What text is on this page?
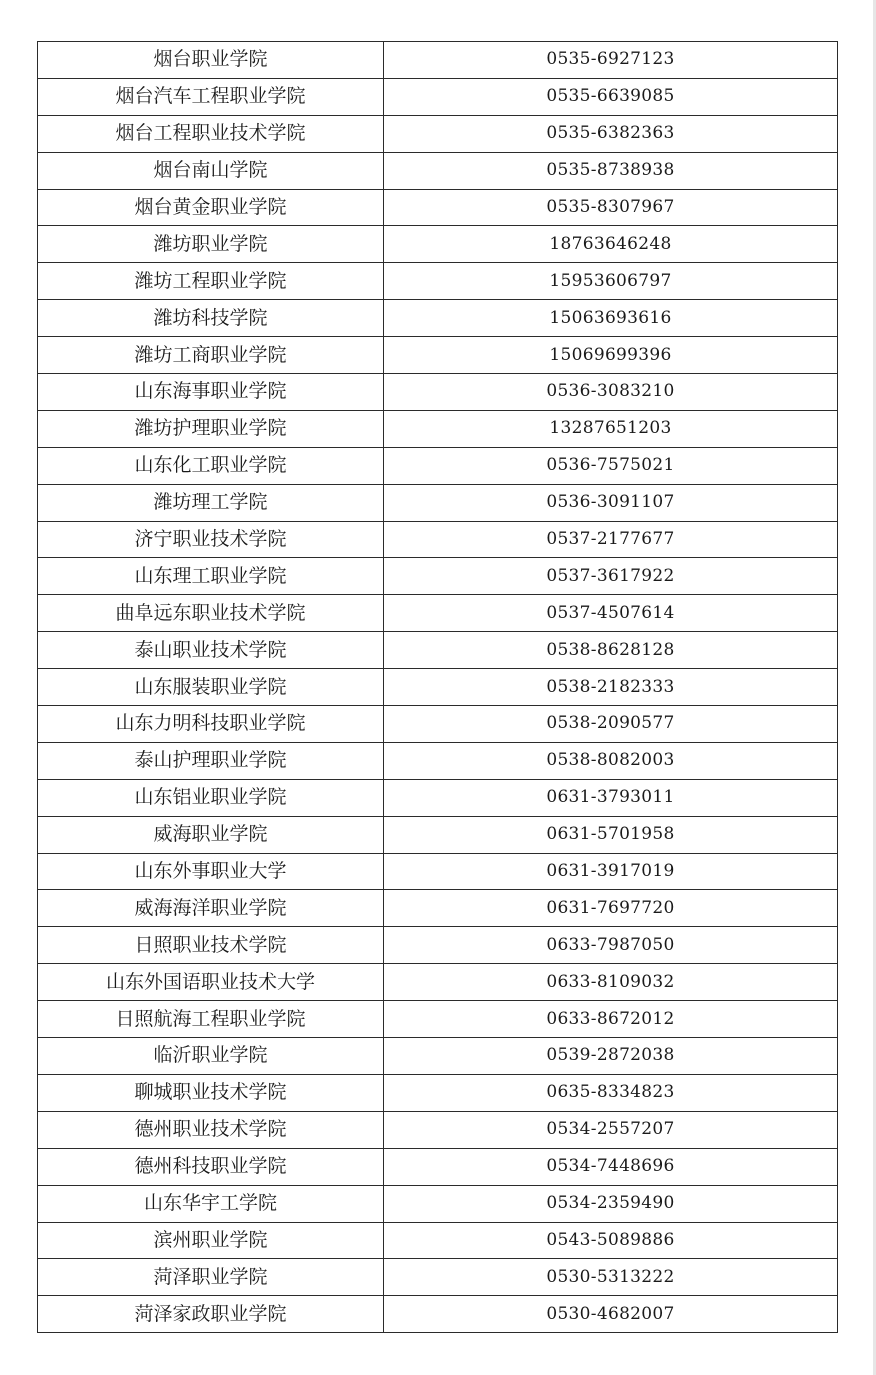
烟台职业学院	0535-6927123
烟台汽车工程职业学院	0535-6639085
烟台工程职业技术学院	0535-6382363
烟台南山学院	0535-8738938
烟台黄金职业学院	0535-8307967
潍坊职业学院	18763646248
潍坊工程职业学院	15953606797
潍坊科技学院	15063693616
潍坊工商职业学院	15069699396
山东海事职业学院	0536-3083210
潍坊护理职业学院	13287651203
山东化工职业学院	0536-7575021
潍坊理工学院	0536-3091107
济宁职业技术学院	0537-2177677
山东理工职业学院	0537-3617922
曲阜远东职业技术学院	0537-4507614
泰山职业技术学院	0538-8628128
山东服装职业学院	0538-2182333
山东力明科技职业学院	0538-2090577
泰山护理职业学院	0538-8082003
山东铝业职业学院	0631-3793011
威海职业学院	0631-5701958
山东外事职业大学	0631-3917019
威海海洋职业学院	0631-7697720
日照职业技术学院	0633-7987050
山东外国语职业技术大学	0633-8109032
日照航海工程职业学院	0633-8672012
临沂职业学院	0539-2872038
聊城职业技术学院	0635-8334823
德州职业技术学院	0534-2557207
德州科技职业学院	0534-7448696
山东华宇工学院	0534-2359490
滨州职业学院	0543-5089886
菏泽职业学院	0530-5313222
菏泽家政职业学院	0530-4682007
